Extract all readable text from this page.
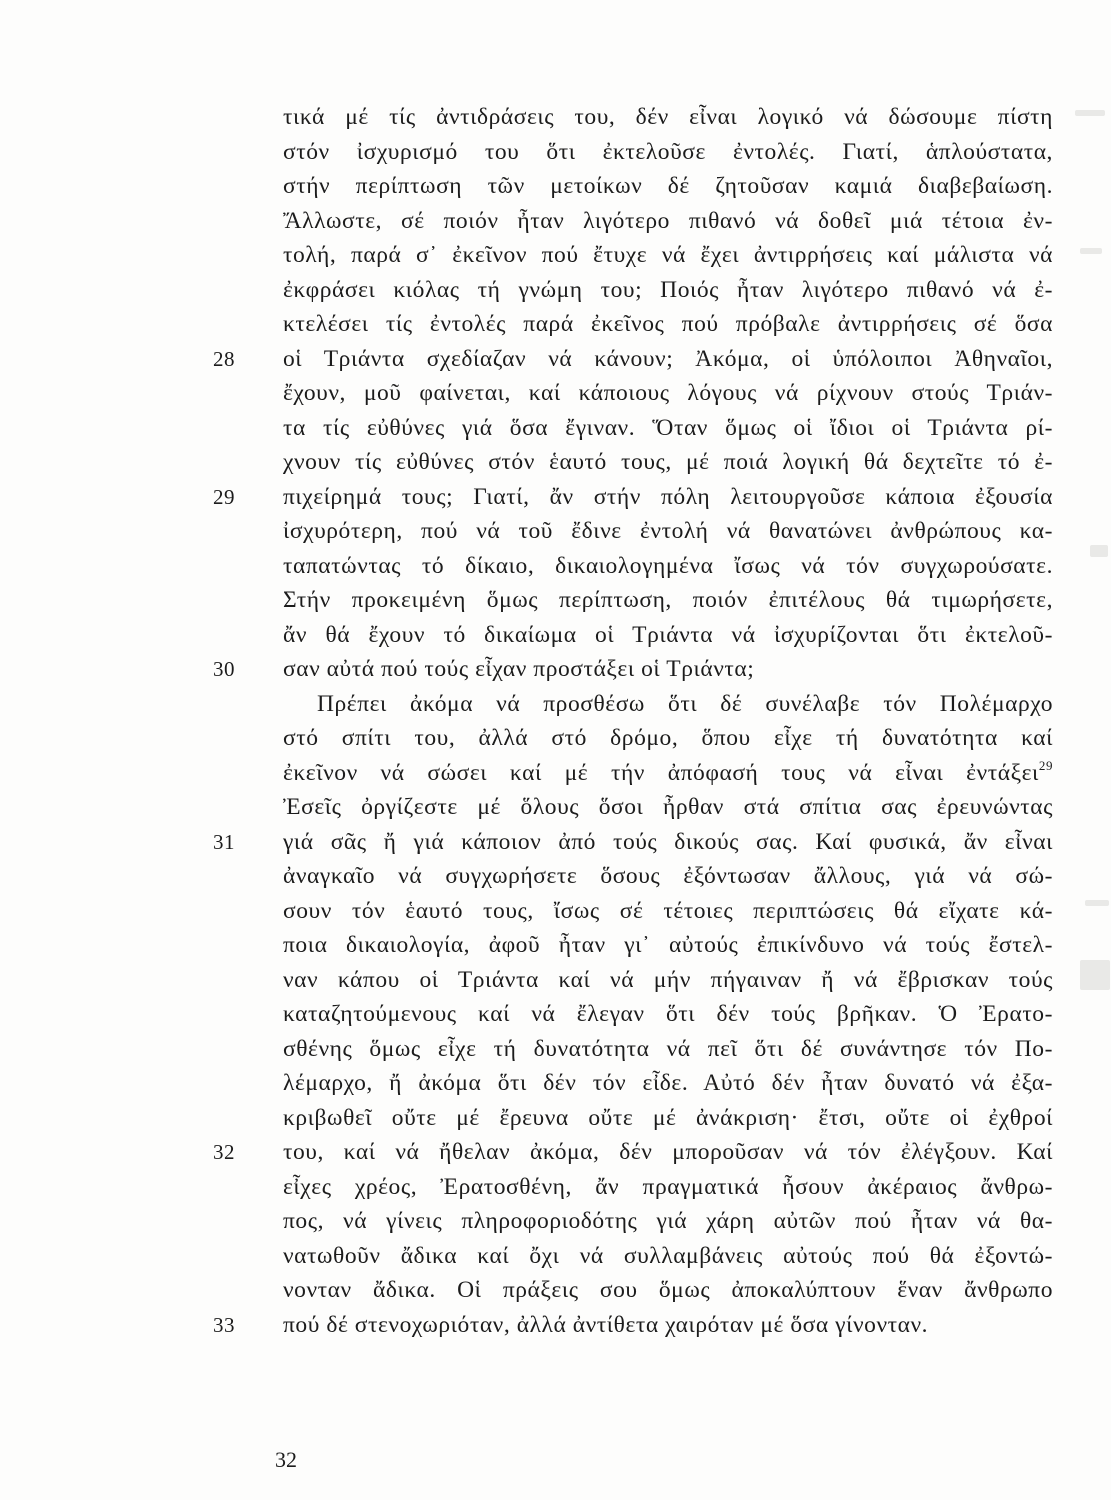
τικά μέ τίς ἀντιδράσεις του, δέν εἶναι λογικό νά δώσουμε πίστη
στόν ἰσχυρισμό του ὅτι ἐκτελοῦσε ἐντολές. Γιατί, ἁπλούστατα,
στήν περίπτωση τῶν μετοίκων δέ ζητοῦσαν καμιά διαβεβαίωση.
Ἄλλωστε, σέ ποιόν ἦταν λιγότερο πιθανό νά δοθεῖ μιά τέτοια ἐν-
τολή, παρά σ᾽ ἐκεῖνον πού ἔτυχε νά ἔχει ἀντιρρήσεις καί μάλιστα νά
ἐκφράσει κιόλας τή γνώμη του; Ποιός ἦταν λιγότερο πιθανό νά ἐ-
κτελέσει τίς ἐντολές παρά ἐκεῖνος πού πρόβαλε ἀντιρρήσεις σέ ὅσα
28	οἱ Τριάντα σχεδίαζαν νά κάνουν; Ἀκόμα, οἱ ὑπόλοιποι Ἀθηναῖοι,
ἔχουν, μοῦ φαίνεται, καί κάποιους λόγους νά ρίχνουν στούς Τριάν-
τα τίς εὐθύνες γιά ὅσα ἔγιναν. Ὅταν ὅμως οἱ ἴδιοι οἱ Τριάντα ρί-
χνουν τίς εὐθύνες στόν ἑαυτό τους, μέ ποιά λογική θά δεχτεῖτε τό ἐ-
29	πιχείρημά τους; Γιατί, ἄν στήν πόλη λειτουργοῦσε κάποια ἐξουσία
ἰσχυρότερη, πού νά τοῦ ἔδινε ἐντολή νά θανατώνει ἀνθρώπους κα-
ταπατώντας τό δίκαιο, δικαιολογημένα ἴσως νά τόν συγχωρούσατε.
Στήν προκειμένη ὅμως περίπτωση, ποιόν ἐπιτέλους θά τιμωρήσετε,
ἄν θά ἔχουν τό δικαίωμα οἱ Τριάντα νά ἰσχυρίζονται ὅτι ἐκτελοῦ-
30	σαν αὐτά πού τούς εἶχαν προστάξει οἱ Τριάντα;
Πρέπει ἀκόμα νά προσθέσω ὅτι δέ συνέλαβε τόν Πολέμαρχο
στό σπίτι του, ἀλλά στό δρόμο, ὅπου εἶχε τή δυνατότητα καί
ἐκεῖνον νά σώσει καί μέ τήν ἀπόφασή τους νά εἶναι ἐντάξει$^{29}$
Ἐσεῖς ὀργίζεστε μέ ὅλους ὅσοι ἦρθαν στά σπίτια σας ἐρευνώντας
31	γιά σᾶς ἤ γιά κάποιον ἀπό τούς δικούς σας. Καί φυσικά, ἄν εἶναι
ἀναγκαῖο νά συγχωρήσετε ὅσους ἐξόντωσαν ἄλλους, γιά νά σώ-
σουν τόν ἑαυτό τους, ἴσως σέ τέτοιες περιπτώσεις θά εἴχατε κά-
ποια δικαιολογία, ἀφοῦ ἦταν γι᾽ αὐτούς ἐπικίνδυνο νά τούς ἔστελ-
ναν κάπου οἱ Τριάντα καί νά μήν πήγαιναν ἤ νά ἔβρισκαν τούς
καταζητούμενους καί νά ἔλεγαν ὅτι δέν τούς βρῆκαν. Ὁ Ἐρατο-
σθένης ὅμως εἶχε τή δυνατότητα νά πεῖ ὅτι δέ συνάντησε τόν Πο-
λέμαρχο, ἤ ἀκόμα ὅτι δέν τόν εἶδε. Αὐτό δέν ἦταν δυνατό νά ἐξα-
κριβωθεῖ οὔτε μέ ἔρευνα οὔτε μέ ἀνάκριση· ἔτσι, οὔτε οἱ ἐχθροί
32	του, καί νά ἤθελαν ἀκόμα, δέν μποροῦσαν νά τόν ἐλέγξουν. Καί
εἶχες χρέος, Ἐρατοσθένη, ἄν πραγματικά ἦσουν ἀκέραιος ἄνθρω-
πος, νά γίνεις πληροφοριοδότης γιά χάρη αὐτῶν πού ἦταν νά θα-
νατωθοῦν ἄδικα καί ὄχι νά συλλαμβάνεις αὐτούς πού θά ἐξοντώ-
νονταν ἄδικα. Οἱ πράξεις σου ὅμως ἀποκαλύπτουν ἕναν ἄνθρωπο
33	πού δέ στενοχωριόταν, ἀλλά ἀντίθετα χαιρόταν μέ ὅσα γίνονταν.
32
